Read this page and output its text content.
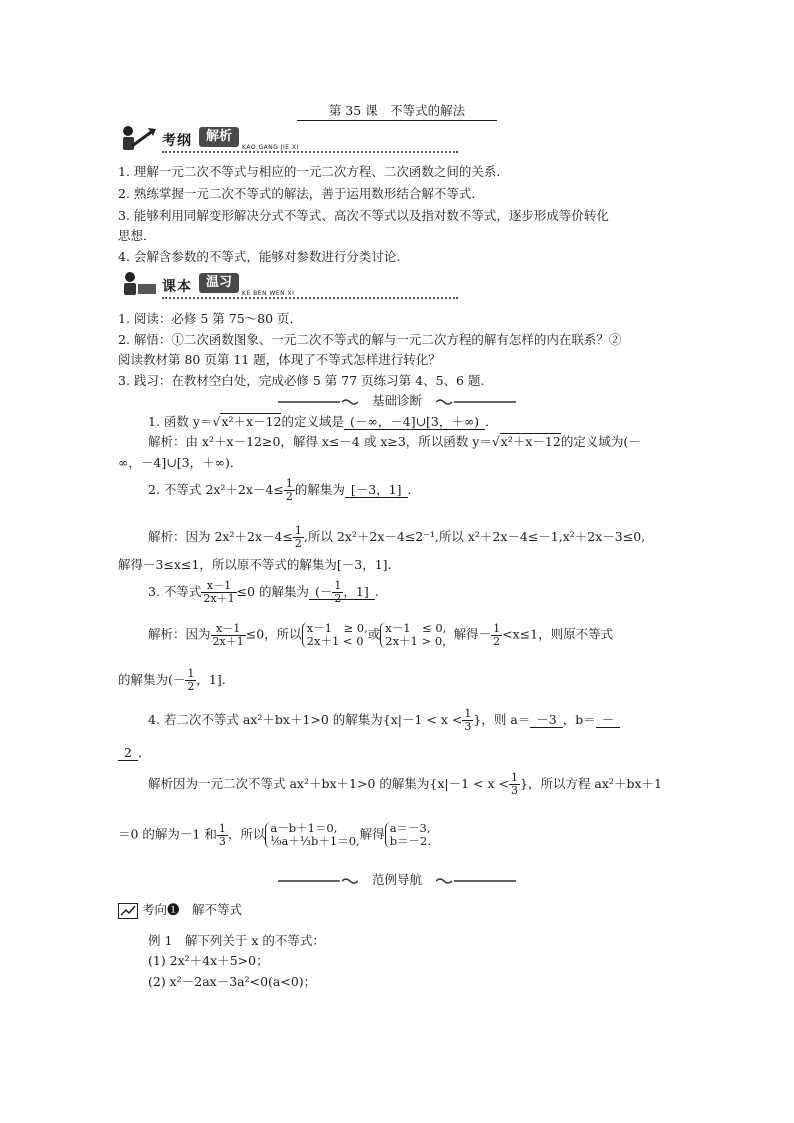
第 35 课　不等式的解法
考纲	解析
KAO GANG JIE XI
1. 理解一元二次不等式与相应的一元二次方程、二次函数之间的关系．
2. 熟练掌握一元二次不等式的解法，善于运用数形结合解不等式．
3. 能够利用同解变形解决分式不等式、高次不等式以及指对数不等式，逐步形成等价转化
思想．
4. 会解含参数的不等式，能够对参数进行分类讨论.
课本	温习
KE BEN WEN XI
1. 阅读：必修 5 第 75～80 页．
2. 解悟：①二次函数图象、一元二次不等式的解与一元二次方程的解有怎样的内在联系？②
阅读教材第 80 页第 11 题，体现了不等式怎样进行转化？
3. 践习：在教材空白处，完成必修 5 第 77 页练习第 4、5、6 题.
基础诊断
1. 函数 y＝√x²＋x－12的定义域是 (－∞，－4]∪[3，＋∞) ．
解析：由 x²＋x－12≥0，解得 x≤－4 或 x≥3，所以函数 y＝√x²＋x－12的定义域为(－
∞，－4]∪[3，＋∞)．
2. 不等式 $2x^2+2x-4\le \frac{1}{2}$ 的解集为 [－3，1] ．
解析：因为 $2x^2+2x-4\le \frac{1}{2}$ ,所以 2x²＋2x－4≤2⁻¹,所以 x²＋2x－4≤－1,x²＋2x－3≤0,
解得－3≤x≤1，所以原不等式的解集为[－3，1].
3. 不等式 $\frac{x-1}{2x+1} \le 0$ 的解集为 (－ $\frac{1}{2}$ ，1] .
解析：因为 $\frac{x-1}{2x+1} \le 0$，所以 x－1　≥ 0,
2x＋1 < 0 或 x－1　≤ 0,
2x＋1 > 0， 解得－ $\frac{1}{2} <x\le 1$，则原不等式
的解集为(－ $\frac{1}{2}$ ，1].
4. 若二次不等式 ax²＋bx＋1>0 的解集为{$x|-1 < x < \frac{1}{3}$ }，则 a＝ －3 ，b＝ －
2 ．
解析因为一元二次不等式 ax²＋bx＋1>0 的解集为{$x|-1 < x < \frac{1}{3}$ }，所以方程 ax²＋bx＋1
＝0 的解为－1 和 $\frac{1}{3}$ ，所以 a－b＋1＝0,
¹⁄₉a＋¹⁄₃b＋1＝0, 解得 a＝－3,
b＝－2.
范例导航
考向❶　解不等式
例 1　解下列关于 x 的不等式：
(1) 2x²＋4x＋5>0；
(2) x²－2ax－3a²<0(a<0)；
